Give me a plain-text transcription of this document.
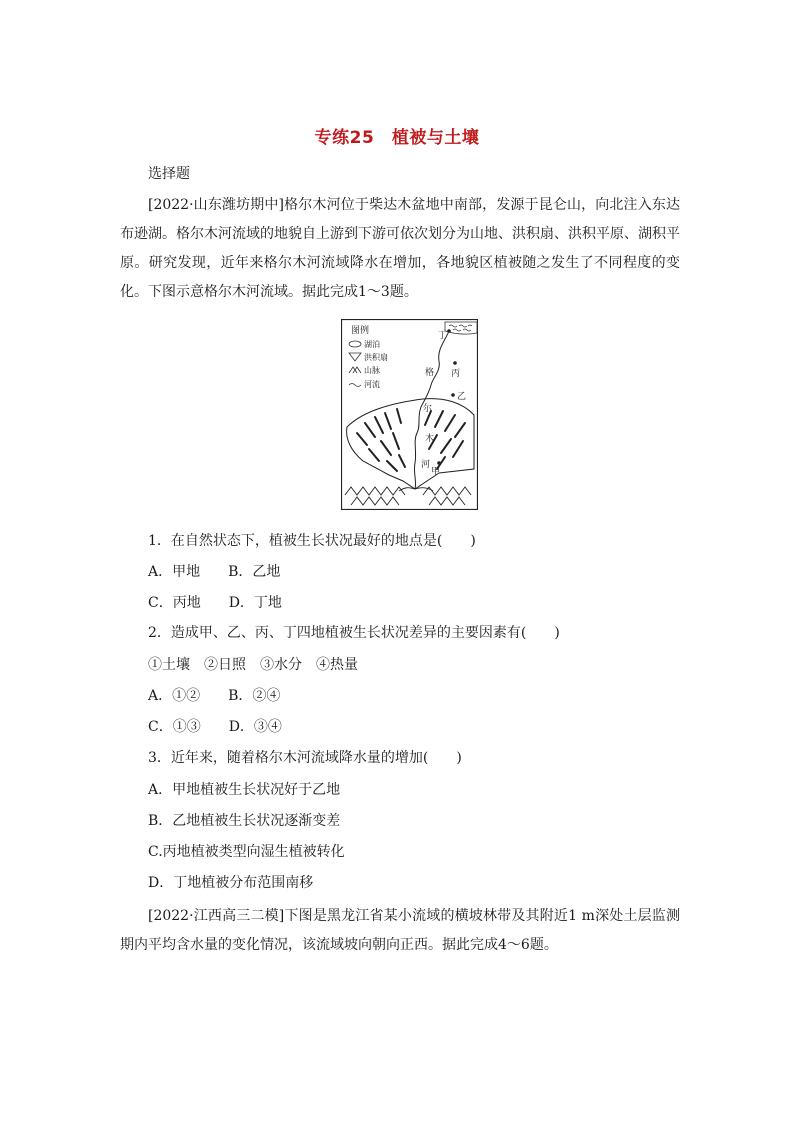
专练25　植被与土壤
选择题

[2022·山东潍坊期中]格尔木河位于柴达木盆地中南部，发源于昆仑山，向北注入东达布逊湖。格尔木河流域的地貌自上游到下游可依次划分为山地、洪积扇、洪积平原、湖积平原。研究发现，近年来格尔木河流域降水在增加，各地貌区植被随之发生了不同程度的变化。下图示意格尔木河流域。据此完成1～3题。

图例
湖泊
洪积扇
山脉
河流
格
尔
木
河
丁
丙
乙
甲
1．在自然状态下，植被生长状况最好的地点是(　　)
A．甲地　　B．乙地
C．丙地　　D．丁地
2．造成甲、乙、丙、丁四地植被生长状况差异的主要因素有(　　)
①土壤　②日照　③水分　④热量
A．①②　　B．②④
C．①③　　D．③④
3．近年来，随着格尔木河流域降水量的增加(　　)
A．甲地植被生长状况好于乙地
B．乙地植被生长状况逐渐变差
C.丙地植被类型向湿生植被转化
D．丁地植被分布范围南移

[2022·江西高三二模]下图是黑龙江省某小流域的横坡林带及其附近1 m深处土层监测期内平均含水量的变化情况，该流域坡向朝向正西。据此完成4～6题。
